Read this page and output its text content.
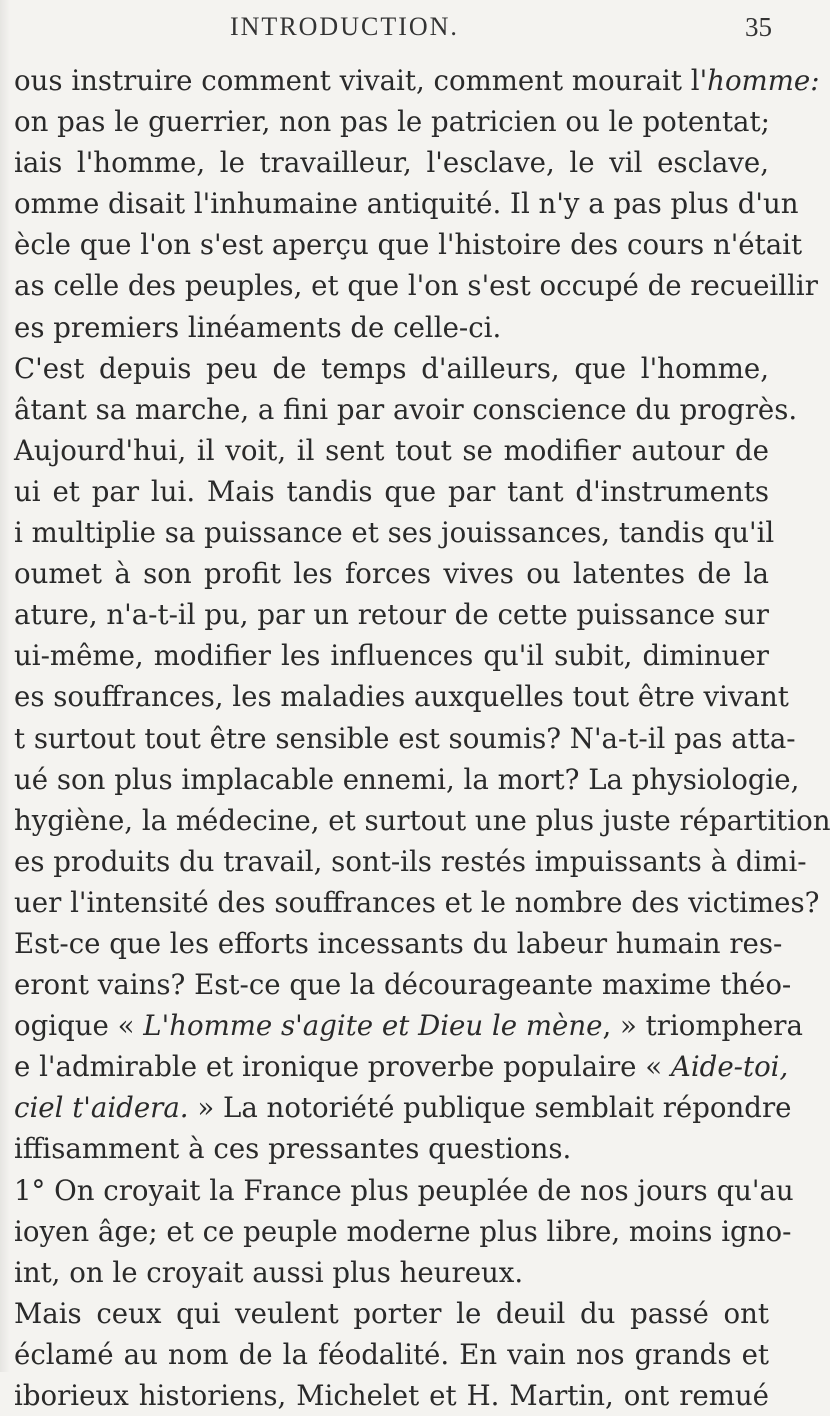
INTRODUCTION.	35
ous instruire comment vivait, comment mourait l'homme:
on pas le guerrier, non pas le patricien ou le potentat;
iais l'homme, le travailleur, l'esclave, le vil esclave,
omme disait l'inhumaine antiquité. Il n'y a pas plus d'un
ècle que l'on s'est aperçu que l'histoire des cours n'était
as celle des peuples, et que l'on s'est occupé de recueillir
es premiers linéaments de celle-ci.
C'est depuis peu de temps d'ailleurs, que l'homme,
âtant sa marche, a fini par avoir conscience du progrès.
Aujourd'hui, il voit, il sent tout se modifier autour de
ui et par lui. Mais tandis que par tant d'instruments
i multiplie sa puissance et ses jouissances, tandis qu'il
oumet à son profit les forces vives ou latentes de la
ature, n'a-t-il pu, par un retour de cette puissance sur
ui-même, modifier les influences qu'il subit, diminuer
es souffrances, les maladies auxquelles tout être vivant
t surtout tout être sensible est soumis? N'a-t-il pas atta-
ué son plus implacable ennemi, la mort? La physiologie,
hygiène, la médecine, et surtout une plus juste répartition
es produits du travail, sont-ils restés impuissants à dimi-
uer l'intensité des souffrances et le nombre des victimes?
Est-ce que les efforts incessants du labeur humain res-
eront vains? Est-ce que la décourageante maxime théo-
ogique « L'homme s'agite et Dieu le mène, » triomphera
e l'admirable et ironique proverbe populaire « Aide-toi,
ciel t'aidera. » La notoriété publique semblait répondre
iffisamment à ces pressantes questions.
1° On croyait la France plus peuplée de nos jours qu'au
ioyen âge; et ce peuple moderne plus libre, moins igno-
int, on le croyait aussi plus heureux.
Mais ceux qui veulent porter le deuil du passé ont
éclamé au nom de la féodalité. En vain nos grands et
iborieux historiens, Michelet et H. Martin, ont remué
